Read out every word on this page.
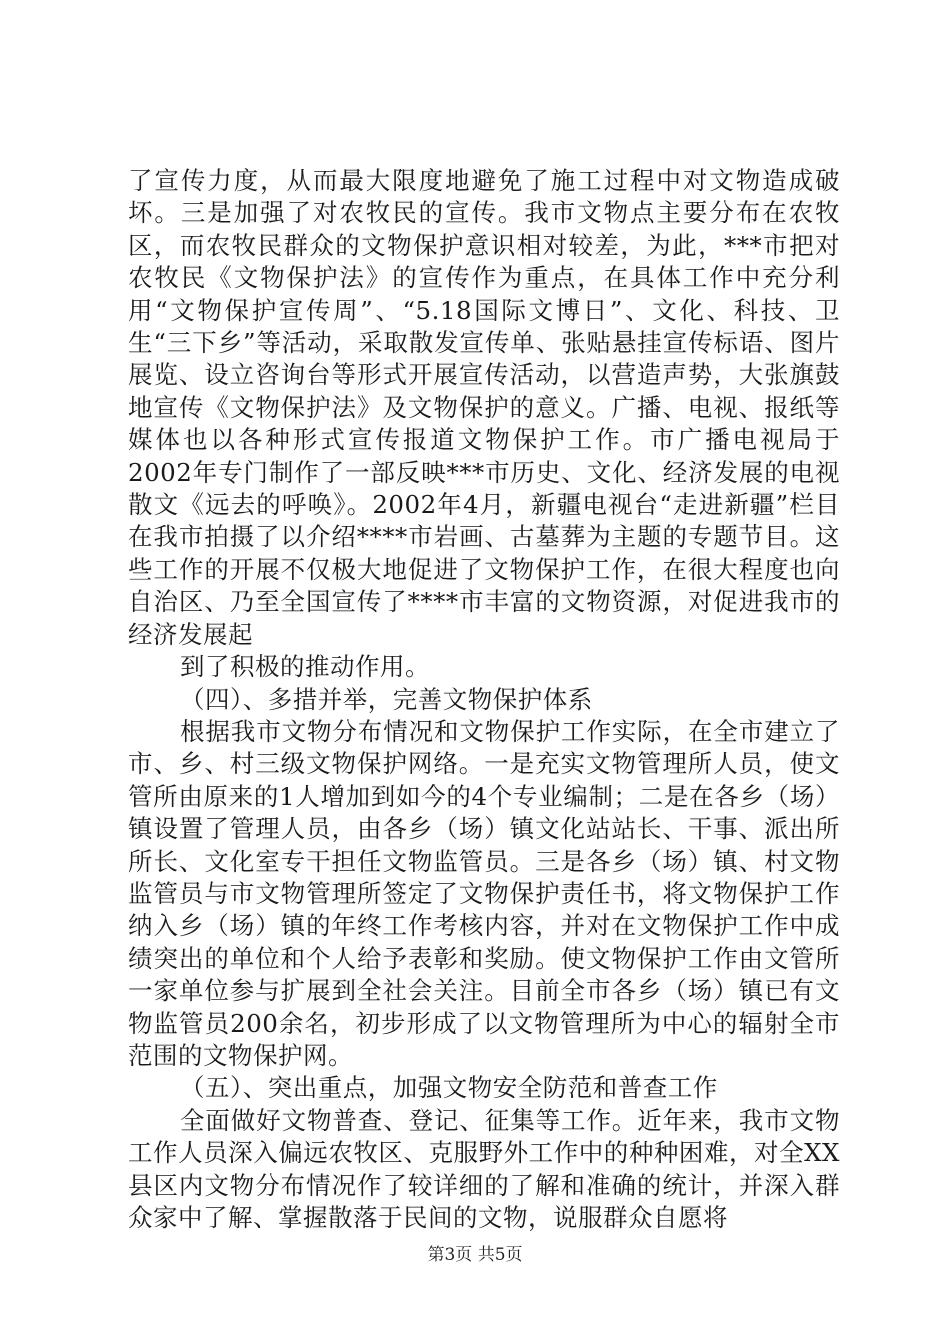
了宣传力度，从而最大限度地避免了施工过程中对文物造成破坏。三是加强了对农牧民的宣传。我市文物点主要分布在农牧区，而农牧民群众的文物保护意识相对较差，为此，***市把对农牧民《文物保护法》的宣传作为重点，在具体工作中充分利用“文物保护宣传周”、“5.18国际文博日”、文化、科技、卫生“三下乡”等活动，采取散发宣传单、张贴悬挂宣传标语、图片展览、设立咨询台等形式开展宣传活动，以营造声势，大张旗鼓地宣传《文物保护法》及文物保护的意义。广播、电视、报纸等媒体也以各种形式宣传报道文物保护工作。市广播电视局于2002年专门制作了一部反映***市历史、文化、经济发展的电视散文《远去的呼唤》。2002年4月，新疆电视台“走进新疆”栏目在我市拍摄了以介绍****市岩画、古墓葬为主题的专题节目。这些工作的开展不仅极大地促进了文物保护工作，在很大程度也向自治区、乃至全国宣传了****市丰富的文物资源，对促进我市的经济发展起

到了积极的推动作用。

（四）、多措并举，完善文物保护体系

根据我市文物分布情况和文物保护工作实际，在全市建立了市、乡、村三级文物保护网络。一是充实文物管理所人员，使文管所由原来的1人增加到如今的4个专业编制；二是在各乡（场）镇设置了管理人员，由各乡（场）镇文化站站长、干事、派出所所长、文化室专干担任文物监管员。三是各乡（场）镇、村文物监管员与市文物管理所签定了文物保护责任书，将文物保护工作纳入乡（场）镇的年终工作考核内容，并对在文物保护工作中成绩突出的单位和个人给予表彰和奖励。使文物保护工作由文管所一家单位参与扩展到全社会关注。目前全市各乡（场）镇已有文物监管员200余名，初步形成了以文物管理所为中心的辐射全市范围的文物保护网。

（五）、突出重点，加强文物安全防范和普查工作

全面做好文物普查、登记、征集等工作。近年来，我市文物工作人员深入偏远农牧区、克服野外工作中的种种困难，对全XX县区内文物分布情况作了较详细的了解和准确的统计，并深入群众家中了解、掌握散落于民间的文物，说服群众自愿将

第3页 共5页
